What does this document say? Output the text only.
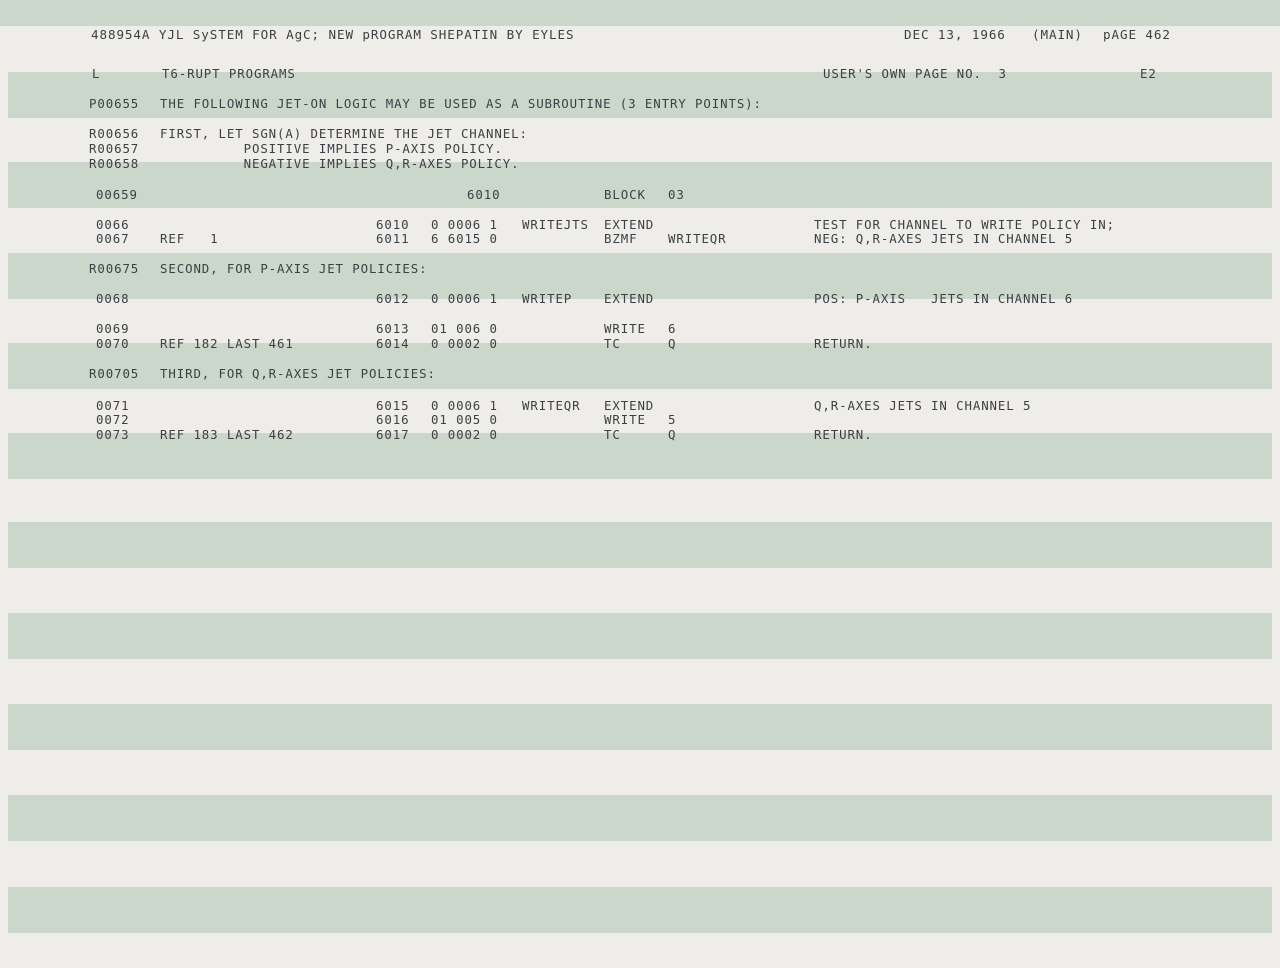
488954A YJL SySTEM FOR AgC; NEW pROGRAM SHEPATIN BY EYLES	DEC 13, 1966 (MAIN) pAGE 462
L	T6-RUPT PROGRAMS	USER'S OWN PAGE NO.  3	E2
P00655 THE FOLLOWING JET-ON LOGIC MAY BE USED AS A SUBROUTINE (3 ENTRY POINTS):
R00656 FIRST, LET SGN(A) DETERMINE THE JET CHANNEL:
R00657 POSITIVE IMPLIES P-AXIS POLICY.
R00658 NEGATIVE IMPLIES Q,R-AXES POLICY.
00659	6010	BLOCK 03
0066	6010 0 0006 1 WRITEJTS EXTEND	TEST FOR CHANNEL TO WRITE POLICY IN;
0067 REF   1	6011 6 6015 0	BZMF WRITEQR	NEG: Q,R-AXES JETS IN CHANNEL 5
R00675 SECOND, FOR P-AXIS JET POLICIES:
0068	6012 0 0006 1 WRITEP	EXTEND	POS: P-AXIS   JETS IN CHANNEL 6
0069	6013 01 006 0	WRITE 6
0070 REF 182 LAST 461	6014 0 0002 0	TC	Q	RETURN.
R00705 THIRD, FOR Q,R-AXES JET POLICIES:
0071	6015 0 0006 1 WRITEQR EXTEND	Q,R-AXES JETS IN CHANNEL 5
0072	6016 01 005 0	WRITE 5
0073 REF 183 LAST 462	6017 0 0002 0	TC	Q	RETURN.
